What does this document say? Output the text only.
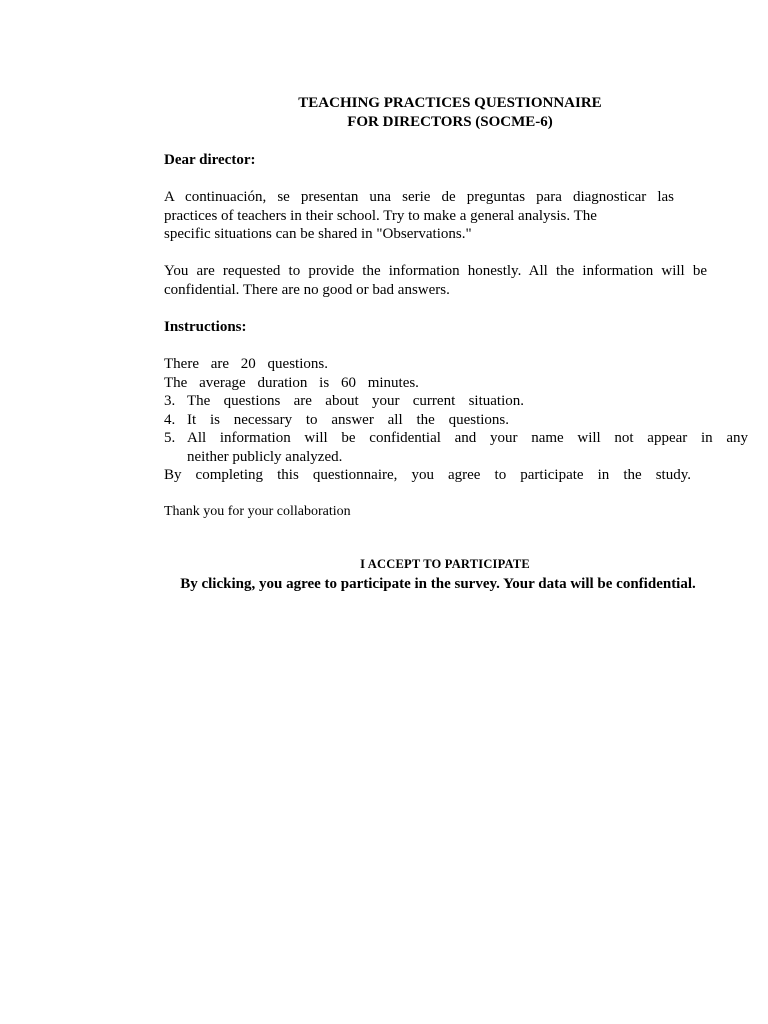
TEACHING PRACTICES QUESTIONNAIRE
FOR DIRECTORS (SOCME-6)
Dear director:
A continuación, se presentan una serie de preguntas para diagnosticar las
practices of teachers in their school. Try to make a general analysis. The
specific situations can be shared in "Observations."
You are requested to provide the information honestly. All the information will be confidential. There are no good or bad answers.
Instructions:
There are 20 questions.
The average duration is 60 minutes.
3. The questions are about your current situation.
4. It is necessary to answer all the questions.
5. All information will be confidential and your name will not appear in any
neither publicly analyzed.
By completing this questionnaire, you agree to participate in the study.
Thank you for your collaboration
I ACCEPT TO PARTICIPATE
By clicking, you agree to participate in the survey. Your data will be confidential.
